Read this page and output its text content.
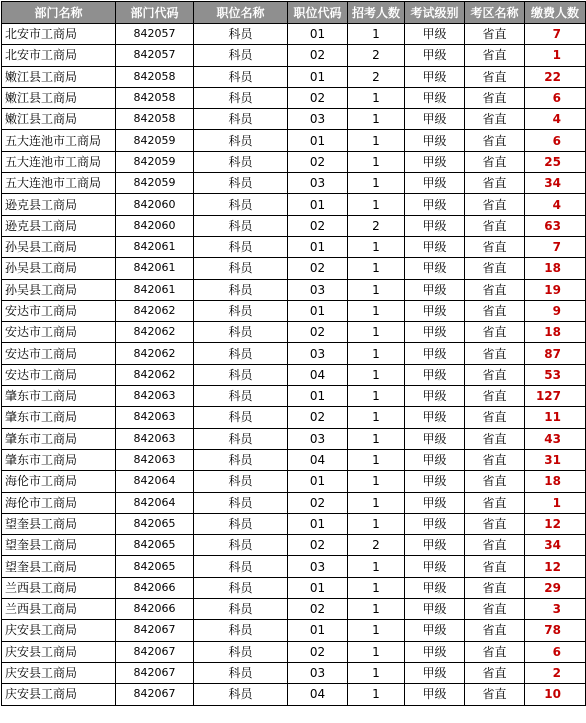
部门名称	部门代码	职位名称	职位代码	招考人数	考试级别	考区名称	缴费人数
北安市工商局	842057	科员	01	1	甲级	省直	7
北安市工商局	842057	科员	02	2	甲级	省直	1
嫩江县工商局	842058	科员	01	2	甲级	省直	22
嫩江县工商局	842058	科员	02	1	甲级	省直	6
嫩江县工商局	842058	科员	03	1	甲级	省直	4
五大连池市工商局	842059	科员	01	1	甲级	省直	6
五大连池市工商局	842059	科员	02	1	甲级	省直	25
五大连池市工商局	842059	科员	03	1	甲级	省直	34
逊克县工商局	842060	科员	01	1	甲级	省直	4
逊克县工商局	842060	科员	02	2	甲级	省直	63
孙吴县工商局	842061	科员	01	1	甲级	省直	7
孙吴县工商局	842061	科员	02	1	甲级	省直	18
孙吴县工商局	842061	科员	03	1	甲级	省直	19
安达市工商局	842062	科员	01	1	甲级	省直	9
安达市工商局	842062	科员	02	1	甲级	省直	18
安达市工商局	842062	科员	03	1	甲级	省直	87
安达市工商局	842062	科员	04	1	甲级	省直	53
肇东市工商局	842063	科员	01	1	甲级	省直	127
肇东市工商局	842063	科员	02	1	甲级	省直	11
肇东市工商局	842063	科员	03	1	甲级	省直	43
肇东市工商局	842063	科员	04	1	甲级	省直	31
海伦市工商局	842064	科员	01	1	甲级	省直	18
海伦市工商局	842064	科员	02	1	甲级	省直	1
望奎县工商局	842065	科员	01	1	甲级	省直	12
望奎县工商局	842065	科员	02	2	甲级	省直	34
望奎县工商局	842065	科员	03	1	甲级	省直	12
兰西县工商局	842066	科员	01	1	甲级	省直	29
兰西县工商局	842066	科员	02	1	甲级	省直	3
庆安县工商局	842067	科员	01	1	甲级	省直	78
庆安县工商局	842067	科员	02	1	甲级	省直	6
庆安县工商局	842067	科员	03	1	甲级	省直	2
庆安县工商局	842067	科员	04	1	甲级	省直	10
